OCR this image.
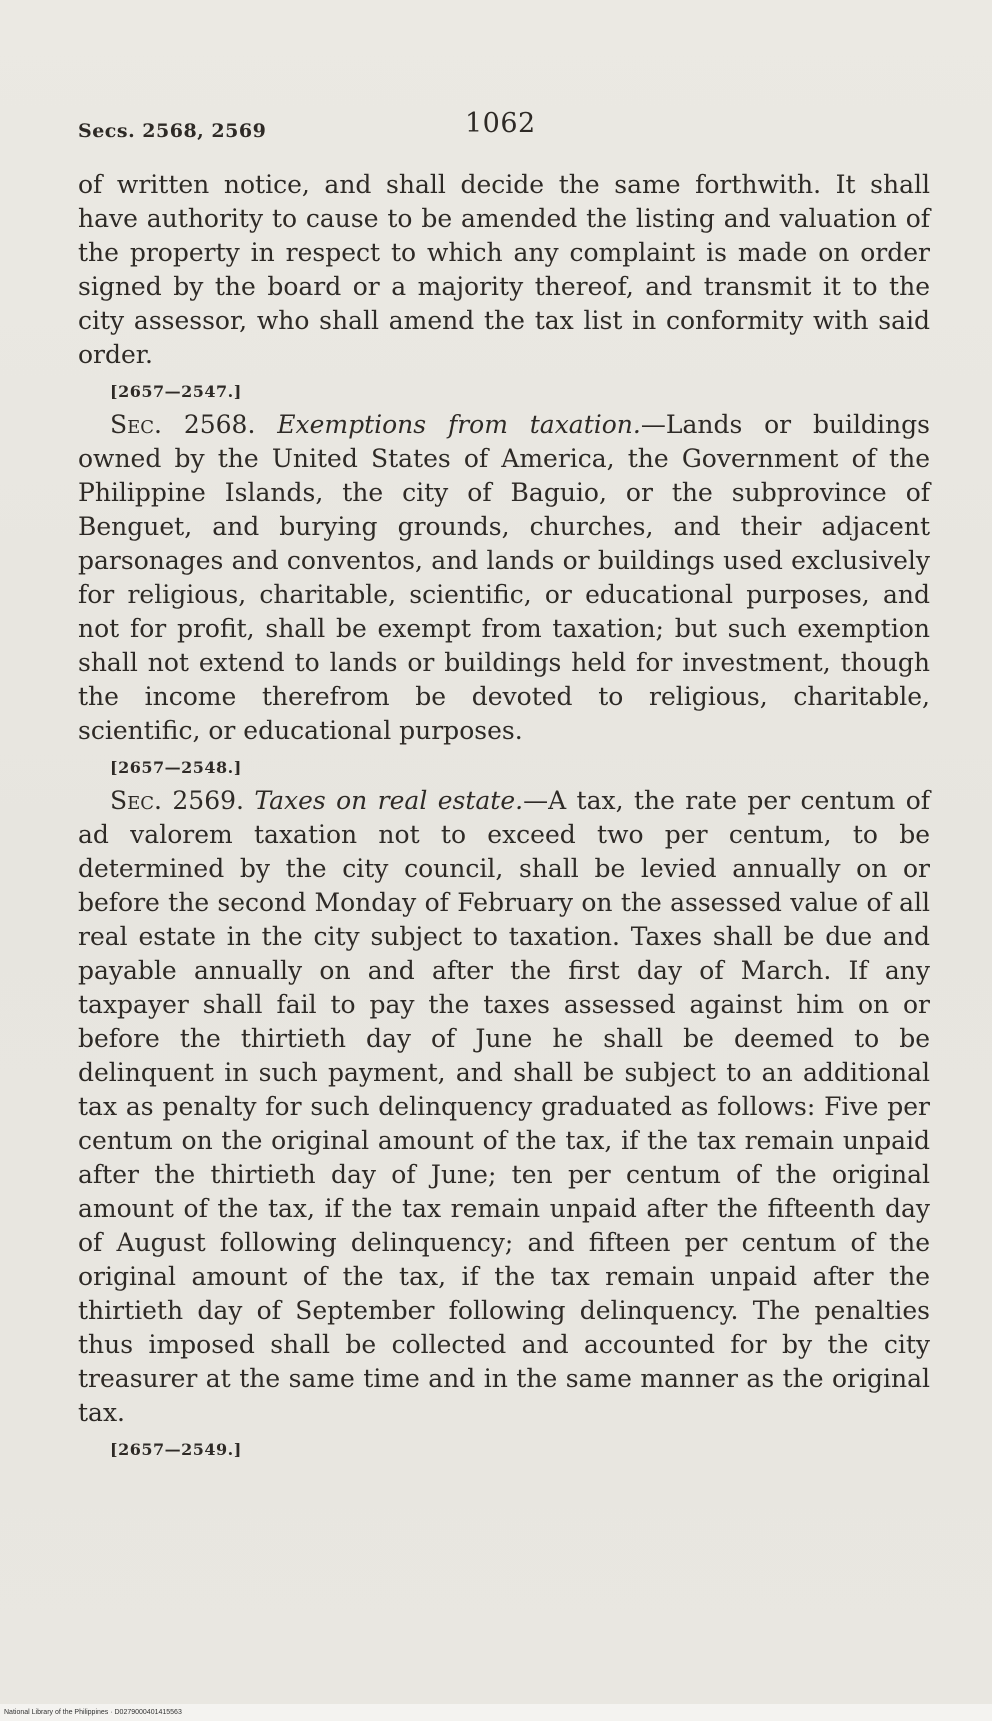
Secs. 2568, 2569	1062

of written notice, and shall decide the same forthwith. It shall have authority to cause to be amended the listing and valuation of the property in respect to which any complaint is made on order signed by the board or a majority thereof, and transmit it to the city assessor, who shall amend the tax list in conformity with said order.

[2657—2547.]

Sec. 2568. Exemptions from taxation.—Lands or buildings owned by the United States of America, the Government of the Philippine Islands, the city of Baguio, or the subprovince of Benguet, and burying grounds, churches, and their adjacent parsonages and conventos, and lands or buildings used exclusively for religious, charitable, scientific, or educational purposes, and not for profit, shall be exempt from taxation; but such exemption shall not extend to lands or buildings held for investment, though the income therefrom be devoted to religious, charitable, scientific, or educational purposes.

[2657—2548.]

Sec. 2569. Taxes on real estate.—A tax, the rate per centum of ad valorem taxation not to exceed two per centum, to be determined by the city council, shall be levied annually on or before the second Monday of February on the assessed value of all real estate in the city subject to taxation. Taxes shall be due and payable annually on and after the first day of March. If any taxpayer shall fail to pay the taxes assessed against him on or before the thirtieth day of June he shall be deemed to be delinquent in such payment, and shall be subject to an additional tax as penalty for such delinquency graduated as follows: Five per centum on the original amount of the tax, if the tax remain unpaid after the thirtieth day of June; ten per centum of the original amount of the tax, if the tax remain unpaid after the fifteenth day of August following delinquency; and fifteen per centum of the original amount of the tax, if the tax remain unpaid after the thirtieth day of September following delinquency. The penalties thus imposed shall be collected and accounted for by the city treasurer at the same time and in the same manner as the original tax.

[2657—2549.]
National Library of the Philippines · D0279000401415563
